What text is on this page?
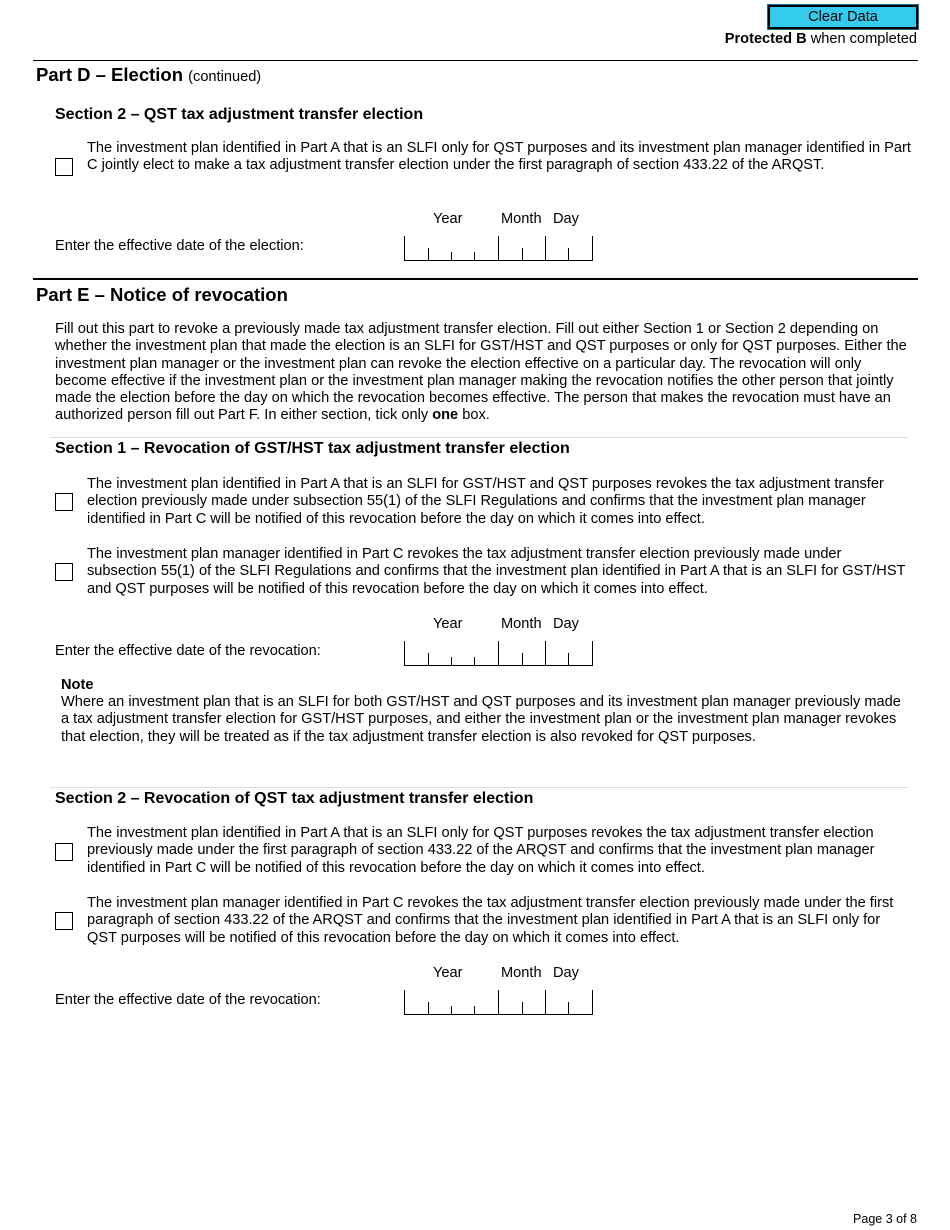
Clear Data
Protected B when completed
Part D – Election (continued)
Section 2 – QST tax adjustment transfer election
The investment plan identified in Part A that is an SLFI only for QST purposes and its investment plan manager identified in Part C jointly elect to make a tax adjustment transfer election under the first paragraph of section 433.22 of the ARQST.
Year	Month Day
Enter the effective date of the election:
Part E – Notice of revocation
Fill out this part to revoke a previously made tax adjustment transfer election. Fill out either Section 1 or Section 2 depending on whether the investment plan that made the election is an SLFI for GST/HST and QST purposes or only for QST purposes. Either the investment plan manager or the investment plan can revoke the election effective on a particular day. The revocation will only become effective if the investment plan or the investment plan manager making the revocation notifies the other person that jointly made the election before the day on which the revocation becomes effective. The person that makes the revocation must have an authorized person fill out Part F. In either section, tick only one box.
Section 1 – Revocation of GST/HST tax adjustment transfer election
The investment plan identified in Part A that is an SLFI for GST/HST and QST purposes revokes the tax adjustment transfer election previously made under subsection 55(1) of the SLFI Regulations and confirms that the investment plan manager identified in Part C will be notified of this revocation before the day on which it comes into effect.
The investment plan manager identified in Part C revokes the tax adjustment transfer election previously made under subsection 55(1) of the SLFI Regulations and confirms that the investment plan identified in Part A that is an SLFI for GST/HST and QST purposes will be notified of this revocation before the day on which it comes into effect.
Year	Month Day
Enter the effective date of the revocation:
Note
Where an investment plan that is an SLFI for both GST/HST and QST purposes and its investment plan manager previously made a tax adjustment transfer election for GST/HST purposes, and either the investment plan or the investment plan manager revokes that election, they will be treated as if the tax adjustment transfer election is also revoked for QST purposes.
Section 2 – Revocation of QST tax adjustment transfer election
The investment plan identified in Part A that is an SLFI only for QST purposes revokes the tax adjustment transfer election previously made under the first paragraph of section 433.22 of the ARQST and confirms that the investment plan manager identified in Part C will be notified of this revocation before the day on which it comes into effect.
The investment plan manager identified in Part C revokes the tax adjustment transfer election previously made under the first paragraph of section 433.22 of the ARQST and confirms that the investment plan identified in Part A that is an SLFI only for QST purposes will be notified of this revocation before the day on which it comes into effect.
Year	Month Day
Enter the effective date of the revocation:
Page 3 of 8
